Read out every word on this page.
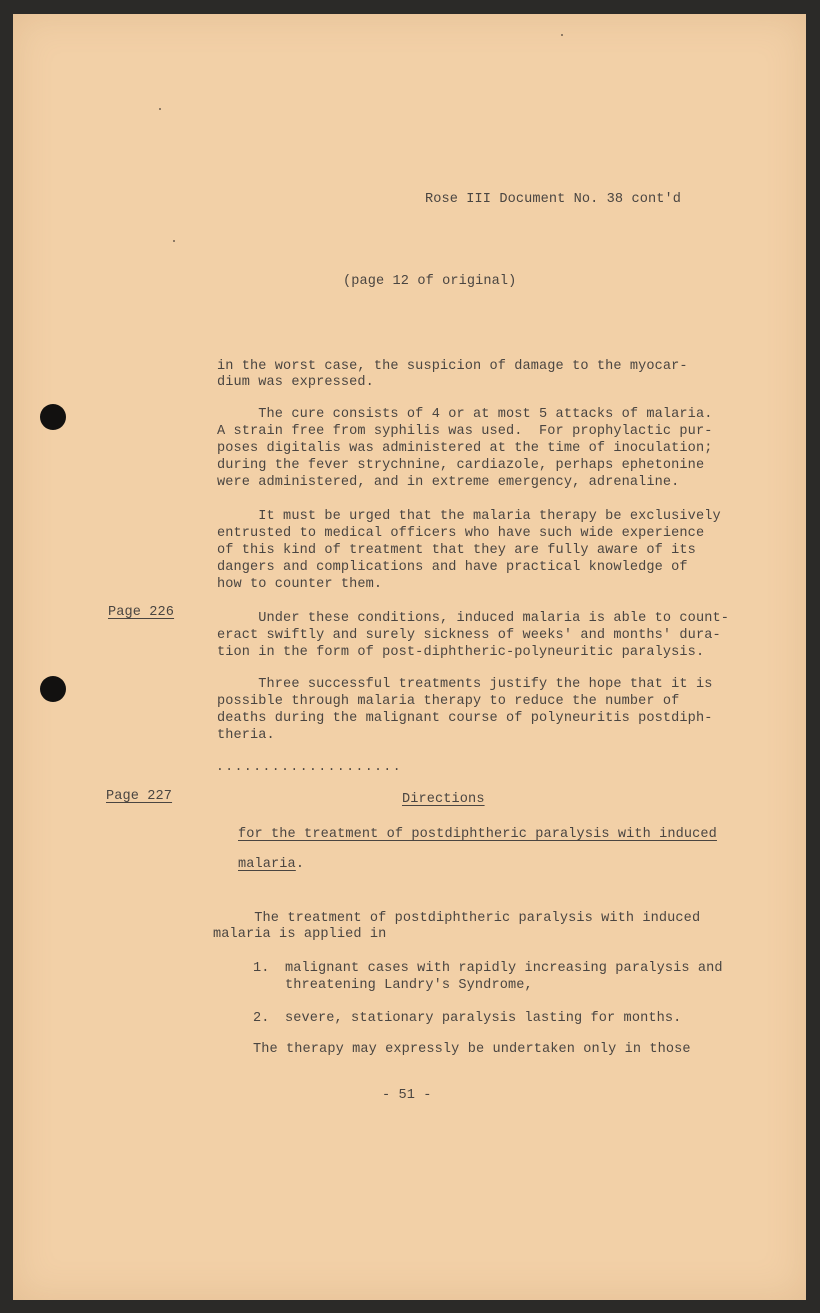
Rose III Document No. 38 cont'd
(page 12 of original)
in the worst case, the suspicion of damage to the myocar-
dium was expressed.
The cure consists of 4 or at most 5 attacks of malaria.
A strain free from syphilis was used.  For prophylactic pur-
poses digitalis was administered at the time of inoculation;
during the fever strychnine, cardiazole, perhaps ephetonine
were administered, and in extreme emergency, adrenaline.
It must be urged that the malaria therapy be exclusively
entrusted to medical officers who have such wide experience
of this kind of treatment that they are fully aware of its
dangers and complications and have practical knowledge of
how to counter them.
Page 226	Under these conditions, induced malaria is able to count-
eract swiftly and surely sickness of weeks' and months' dura-
tion in the form of post-diphtheric-polyneuritic paralysis.
Three successful treatments justify the hope that it is
possible through malaria therapy to reduce the number of
deaths during the malignant course of polyneuritis postdiph-
theria.
....................
Page 227	Directions
for the treatment of postdiphtheric paralysis with induced
malaria.
The treatment of postdiphtheric paralysis with induced
malaria is applied in
1. malignant cases with rapidly increasing paralysis and
threatening Landry's Syndrome,
2. severe, stationary paralysis lasting for months.
The therapy may expressly be undertaken only in those
- 51 -
